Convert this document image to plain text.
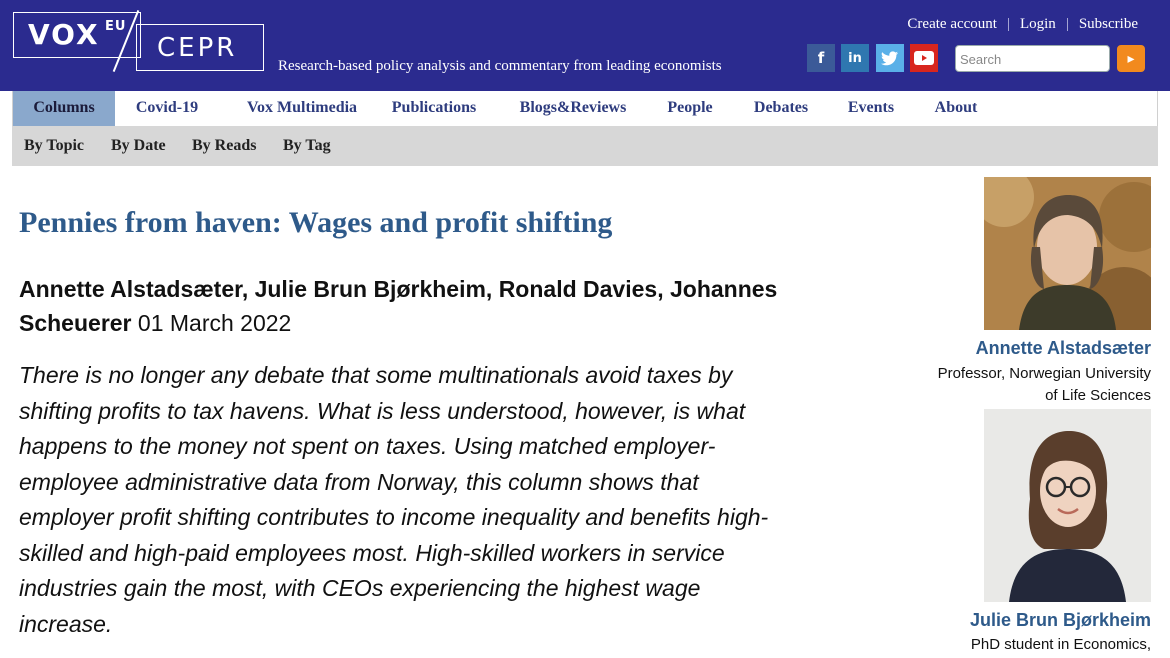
VOX EU
CEPR
Research-based policy analysis and commentary from leading economists
Create account | Login | Subscribe
f	in	Search	▸
Columns	Covid-19	Vox Multimedia	Publications	Blogs&Reviews	People	Debates	Events	About
By Topic By Date By Reads By Tag
Pennies from haven: Wages and profit shifting
Annette Alstadsæter, Julie Brun Bjørkheim, Ronald Davies, Johannes Scheuerer 01 March 2022
There is no longer any debate that some multinationals avoid taxes by
shifting profits to tax havens. What is less understood, however, is what
happens to the money not spent on taxes. Using matched employer-
employee administrative data from Norway, this column shows that
employer profit shifting contributes to income inequality and benefits high-
skilled and high-paid employees most. High-skilled workers in service
industries gain the most, with CEOs experiencing the highest wage
increase.
Annette Alstadsæter
Professor, Norwegian University
of Life Sciences
Julie Brun Bjørkheim
PhD student in Economics,
